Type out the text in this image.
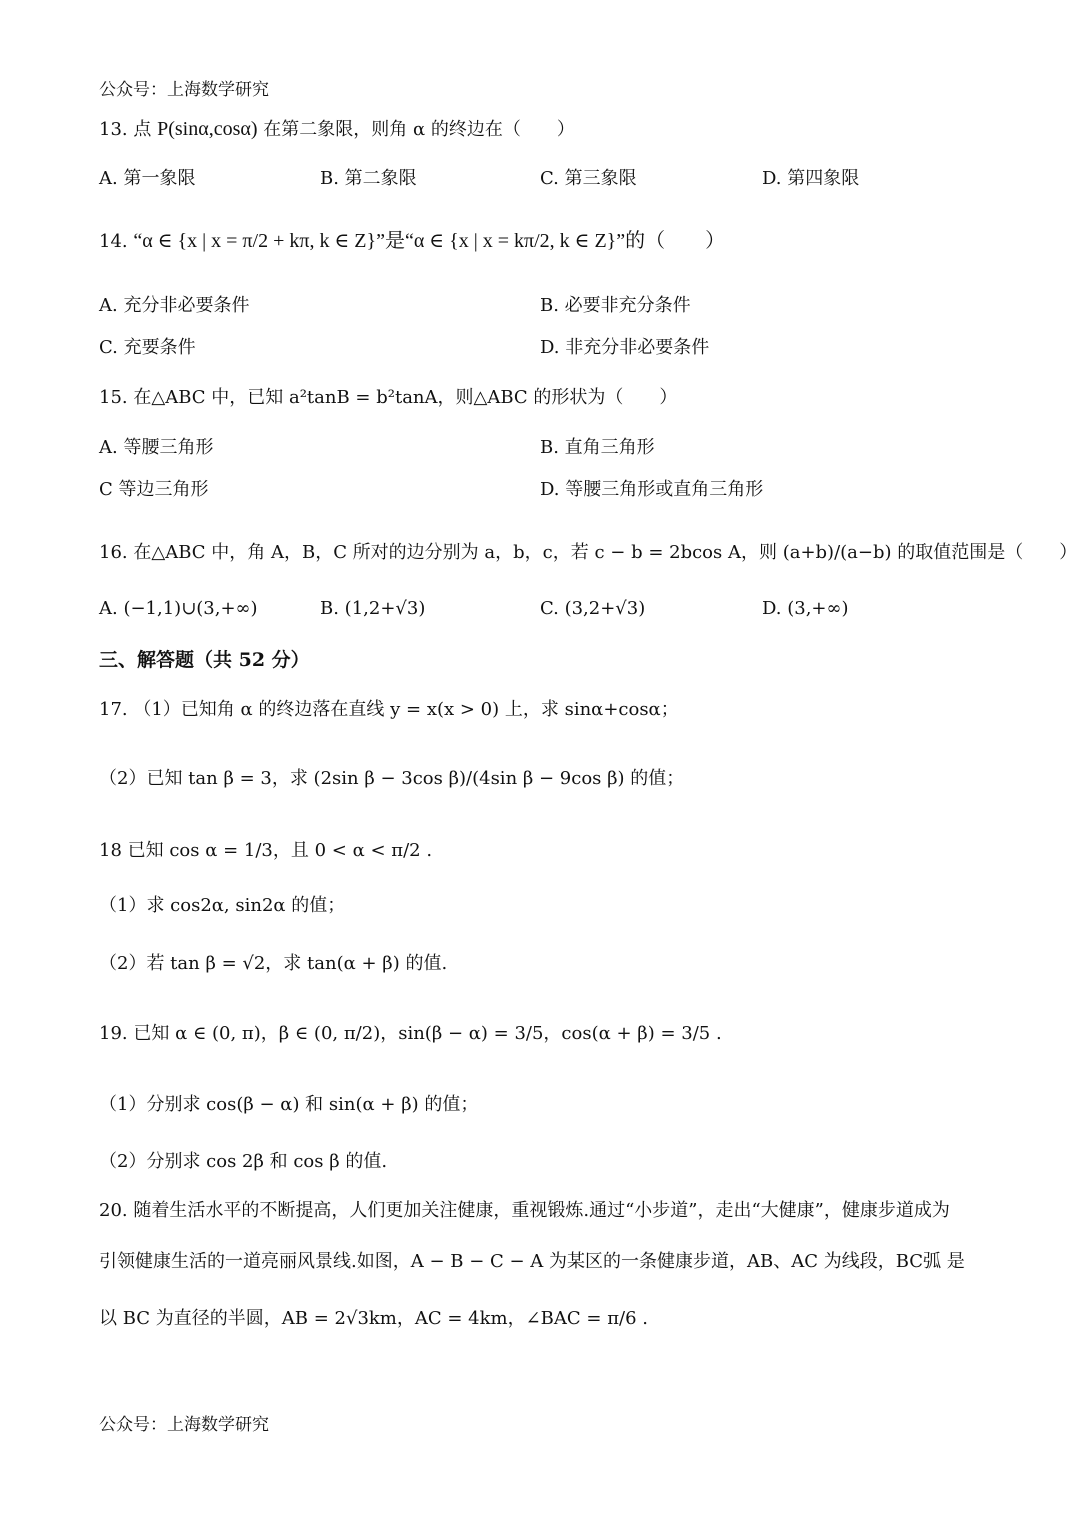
公众号：上海数学研究
13. 点 P(sinα,cosα) 在第二象限，则角 α 的终边在（　　）
A. 第一象限	B. 第二象限	C. 第三象限	D. 第四象限
14. “α ∈ {x | x = π/2 + kπ, k ∈ Z}”是“α ∈ {x | x = kπ/2, k ∈ Z}”的（　　）
A. 充分非必要条件	B. 必要非充分条件
C. 充要条件	D. 非充分非必要条件
15. 在△ABC 中，已知 a²tanB = b²tanA，则△ABC 的形状为（　　）
A. 等腰三角形	B. 直角三角形
C 等边三角形	D. 等腰三角形或直角三角形
16. 在△ABC 中，角 A，B，C 所对的边分别为 a，b，c，若 c − b = 2bcos A，则 (a+b)/(a−b) 的取值范围是（　　）
A. (−1,1)∪(3,+∞)	B. (1,2+√3)	C. (3,2+√3)	D. (3,+∞)
三、解答题（共 52 分）
17. （1）已知角 α 的终边落在直线 y = x(x > 0) 上，求 sinα+cosα；
（2）已知 tan β = 3，求 (2sin β − 3cos β)/(4sin β − 9cos β) 的值；
18 已知 cos α = 1/3，且 0 < α < π/2 .
（1）求 cos2α, sin2α 的值；
（2）若 tan β = √2，求 tan(α + β) 的值.
19. 已知 α ∈ (0, π)，β ∈ (0, π/2)，sin(β − α) = 3/5，cos(α + β) = 3/5 .
（1）分别求 cos(β − α) 和 sin(α + β) 的值；
（2）分别求 cos 2β 和 cos β 的值.
20. 随着生活水平的不断提高，人们更加关注健康，重视锻炼.通过“小步道”，走出“大健康”，健康步道成为
引领健康生活的一道亮丽风景线.如图，A − B − C − A 为某区的一条健康步道，AB、AC 为线段，BC弧 是
以 BC 为直径的半圆，AB = 2√3km，AC = 4km，∠BAC = π/6 .
公众号：上海数学研究
